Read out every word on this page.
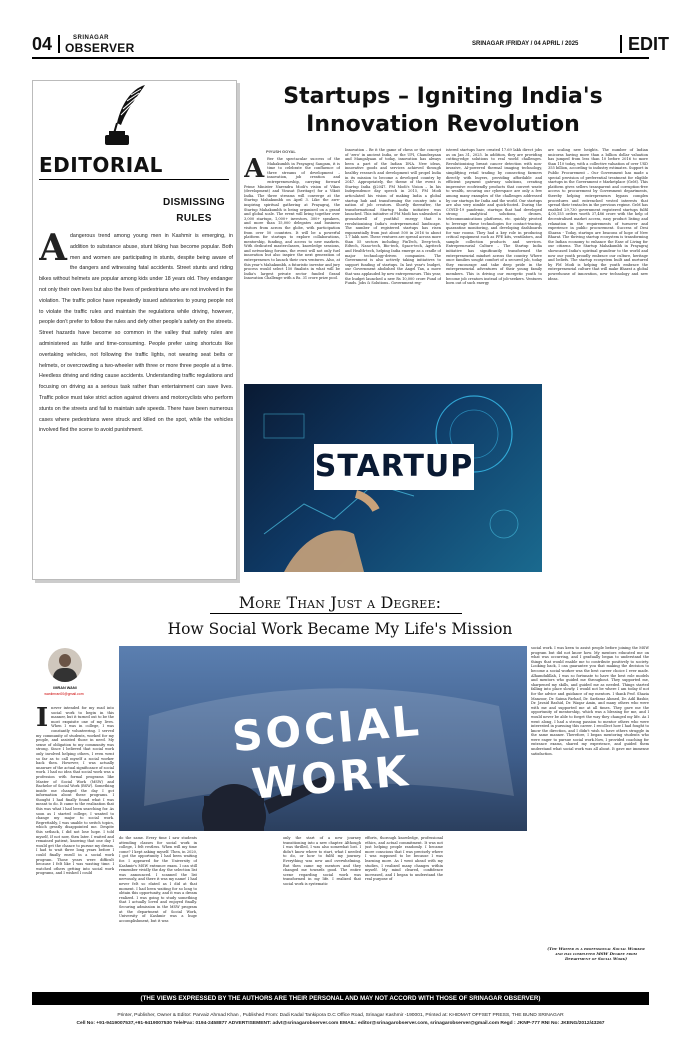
04	SRINAGAR
OBSERVER	SRINAGAR /FRIDAY / 04 APRIL / 2025	EDIT
EDITORIAL
DISMISSING RULES
A dangerous trend among young men in Kashmir is emerging, in addition to substance abuse, stunt biking has become popular. Both men and women are participating in stunts, despite being aware of the dangers and witnessing fatal accidents. Street stunts and riding bikes without helmets are popular among kids under 18 years old. They endanger not only their own lives but also the lives of pedestrians who are not involved in the violation. The traffic police have repeatedly issued advisories to young people not to violate the traffic rules and maintain the regulations while driving, however, people don't prefer to follow the rules and defy other people's safety on the streets. Street hazards have become so common in the valley that safety rules are administered as futile and time-consuming. People prefer using shortcuts like overtaking vehicles, not following the traffic lights, not wearing seat belts or helmets, or overcrowding a two-wheeler with three or more three people at a time. Heedless driving and riding cause accidents. Understanding traffic regulations and focusing on driving as a serious task rather than entertainment can save lives. Traffic police must take strict action against drivers and motorcyclists who perform stunts on the streets and fail to maintain safe speeds. There have been numerous cases where pedestrians were struck and killed on the spot, while the vehicles involved fled the scene to avoid punishment.
Startups – Igniting India's Innovation Revolution
PIYUSH GOYAL
After the spectacular success of the Mahakumbh in Prayagraj Sangam, it is time to celebrate the confluence of three streams of development – innovation, job creation and entrepreneurship, carrying forward Prime Minister Narendra Modi's vision of Vikas (development) and Virasat (heritage) for a Viksit India. The three streams will converge at the Startup Mahakumbh on April 3. Like the awe-inspiring spiritual gathering at Prayagraj, the Startup Mahakumbh is being organised on a grand and global scale. The event will bring together over 3,000 startups, 1,000+ investors, 300+ speakers, and more than 15,000 delegates and business visitors from across the globe, with participation from over 50 countries. It will be a powerful platform for startups to explore collaborations, mentorship, funding, and access to new markets. With dedicated masterclasses, knowledge sessions, and networking forums, the event will not only fuel innovation but also inspire the next generation of entrepreneurs to launch their own ventures. Also, at this year's Mahakumbh, a futuristic investor and jury process would select 150 finalists in what will be India's largest private sector funded Grand Innovation Challenge with a Rs. 31 crore prize pool.
Innovation – Be it the game of chess or the concept of 'zero' in ancient India, or the UPI, Chandrayaan and Mangalyaan of today, innovation has always been a part of the Indian DNA. New ideas, innovative goods and services achieved through healthy research and development will propel India in its mission to become a developed country by 2047. Appropriately, the theme of the event is Startup India @2047. PM Modi's Vision – In his Independence day speech in 2015, PM Modi articulated his vision of making India a global startup hub and transforming the country into a nation of job creators. Shortly thereafter, the transformational Startup India initiative was launched. This initiative of PM Modi has unleashed a groundswell of youthful energy that is revolutionising India's entrepreneurial landscape. The number of registered startups has risen exponentially from just about 500 in 2016 to about 1.7 lakh now. These ventures are spread across more than 55 sectors including FinTech, Deep-tech, Edtech, Nano-tech, Bio-tech, Space-tech, Agritech and Health-tech, helping India emerge as a cradle of major technology-driven companies. The Government is also actively taking initiatives to support funding of startups. In last year's budget, our Government abolished the Angel Tax, a move that was applauded by new entrepreneurs. This year, the budget launched a new Rs 10,000 crore Fund of Funds. Jobs & Solutions– Government reg-
istered startups have created 17.69 lakh direct jobs as on Jan 31, 2025. In addition, they are providing cutting-edge solutions to real world challenges. Revolutionising breast cancer detection with non-invasive, AI-powered thermal imaging technology, simplifying retail trading by connecting farmers directly with buyers, providing affordable and efficient payment gateway solutions, creating impressive ecofriendly products that convert waste to wealth, securing our cyberspace are only a few among many examples of the challenges addressed by our startups for India and the world. Our startups are also very nimble and quick-footed. During the COVID-19 pandemic, startups that had developed strong analytical solutions, drones, telecommunications platforms, etc. quickly pivoted to leverage these technologies for contact-tracing, quarantine monitoring, and developing dashboards for war rooms. They had a key role in producing critical equipment such as PPE kits, ventilators, and sample collection products and services. Entrepreneurial Culture – The Startup India initiative has significantly transformed the entrepreneurial mindset across the country. Where once families sought comfort of a secured job, today they encourage and take deep pride in the entrepreneurial adventures of their young family members. This is driving our energetic youth to become job creators instead of job-seekers. Ventures born out of such energy
are scaling new heights. The number of Indian unicorns having more than a billion dollar valuation has jumped from less than 10 before 2016 to more than 110 today, with a collective valuation of over USD 355 billion, according to industry estimates. Support in Public Procurement – Our Government has made a special provision of preferential treatment for eligible startups in the Government e Marketplace (GeM). This platform gives sellers transparent and corruption-free access to procurement by Government departments, thereby helping entrepreneurs bypass complex procedures and entrenched vested interests that spread their tentacles in the previous regime. GeM has enabled 29,730 government registered startups fulfil 4,00,155 orders worth 37,486 crore with the help of decentralised market access, easy product listing and relaxation in the requirements of turnover and experience in public procurement. Success of Desi Sharan - Today, startups are beacons of hope of New Bharat. The thriving startup ecosystem is transforming the Indian economy to enhance the Ease of Living for our citizens. The Startup Mahakumbh in Prayagraj showcased India's spiritual grandeur to the world and now our youth proudly embrace our culture, heritage and beliefs. The startup ecosystem built and nurtured by PM Modi is helping the youth embrace the entrepreneurial culture that will make Bharat a global powerhouse of innovation, new technology and new ideas.
STARTUP
More Than Just a Degree:
How Social Work Became My Life's Mission
IMRAN WANI
waniimran00@gmail.com
SOCIAL WORK
I never intended for my road into social work to begin in this manner, but it turned out to be the most exquisite one of my lives. When I was in college, I was constantly volunteering. I served my community of students, worked for my people, and assisted those in need. My sense of obligation to my community was strong. Since I believed that social work only involved helping others, I even went so far as to call myself a social worker back then. However, I was actually unaware of the actual significance of social work. I had no idea that social work was a profession with formal programs like Master of Social Work (MSW) and Bachelor of Social Work (BSW). Something inside me changed the day I got information about these programs. I thought I had finally found what I was meant to do. It came to the realization that this was what I had been searching for. As soon as I started college, I wanted to change my major to social work. Regrettably, I was unable to switch topics, which greatly disappointed me. Despite this setback, I did not lose hope. I told myself, If not now, then later. I waited and remained patient, knowing that one day I would get the chance to pursue my dream. I had to wait three long years before I could finally enroll in a social work program. Those years were difficult because I felt like I was wasting time. I watched others getting into social work programs, and I wished I could
do the same. Every time I saw students attending classes for social work in college, I felt restless. When will my time come? I kept asking myself. Then, in 2020, I got the opportunity I had been waiting for. I appeared for the University of Kashmir's MSW entrance exam. I can still remember vividly the day the selection list was announced. I scanned the list nervously, and there it was my name! I had never felt so elated as I did at that moment. I had been waiting for so long to obtain this opportunity, and it was a dream realized. I was going to study something that I actually loved and enjoyed finally. Securing admission in the MSW program at the department of Social Work, University of Kashmir was a huge accomplishment, but it was
only the start of a new journey transitioning into a new chapter. Although I was thrilled, I was also somewhat lost. I didn't know where to start, what I needed to do, or how to fulfil my journey. Everything was new and overwhelming. But then came my mentors and they changed me towards good. The entire scene regarding social work was transformed in my life. I realized that social work is systematic
efforts, thorough knowledge, professional ethics, and actual commitment. It was not just helping people randomly. I became more conscious that I was precisely where I was supposed to be because I was learning more. As I went ahead with my studies, I realized many changes within myself. My mind cleared, confidence increased, and I began to understand the real purpose of
social work. I was keen to assist people before joining the MSW program but did not know how. My mentors educated me on what was occurring, and I gradually began to understand the things that would enable me to contribute positively to society. Looking back, I can guarantee you that making the decision to become a social worker was the best career choice I ever made. Alhamdulillah, I was so fortunate to have the best role models and mentors who guided me throughout. They supported me, sharpened my skills, and guided me as needed. Things started falling into place slowly. I would not be where I am today if not for the advice and guidance of my mentors. I thank Prof. Shazia Manzoor, Dr. Saima Farhad, Dr. Sarfaraz Ahmed, Dr. Adil Bashir, Dr. Javaid Rashid, Dr. Waqar Amin, and many others who were with me and supported me at all times. They gave me the opportunity of mentorship, which was a blessing for me, and I would never be able to forget the way they changed my life. As I went along, I had a strong passion to mentor others who were interested in pursuing this career. I recollect how I had fought to know the direction, and I didn't wish to have others struggle in the same manner. Therefore, I began mentoring students who were eager to pursue social work.Now, I provided coaching for entrance exams, shared my experience, and guided them understand what social work was all about. It gave me immense satisfaction.
(The Writer is a professional Social Worker and has completed MSW Degree from Department of Social Work)
(THE VIEWS EXPRESSED BY THE AUTHORS ARE THEIR PERSONAL AND MAY NOT ACCORD WITH THOSE OF SRINAGAR OBSERVER)
Printer, Publisher, Owner & Editor: Parvaiz Ahmad Khan , Published From: Dadi Kadal Tankipora D.C Office Road, Srinagar Kashmir -190001, Printed at: KHIDMAT OFFSET PRESS, THE BUND SRINAGAR
Cell No: +91-9419007537,+91-9419007530 Tele/Fax: 0194-2458877 ADVERTISEMENT: advt@srinagarobserver.com EMAIL: editor@srinagarobserver.com, srinagarobserver@gmail.com Regd : JKNP-777 RNI No: JKENG/2012/43267
